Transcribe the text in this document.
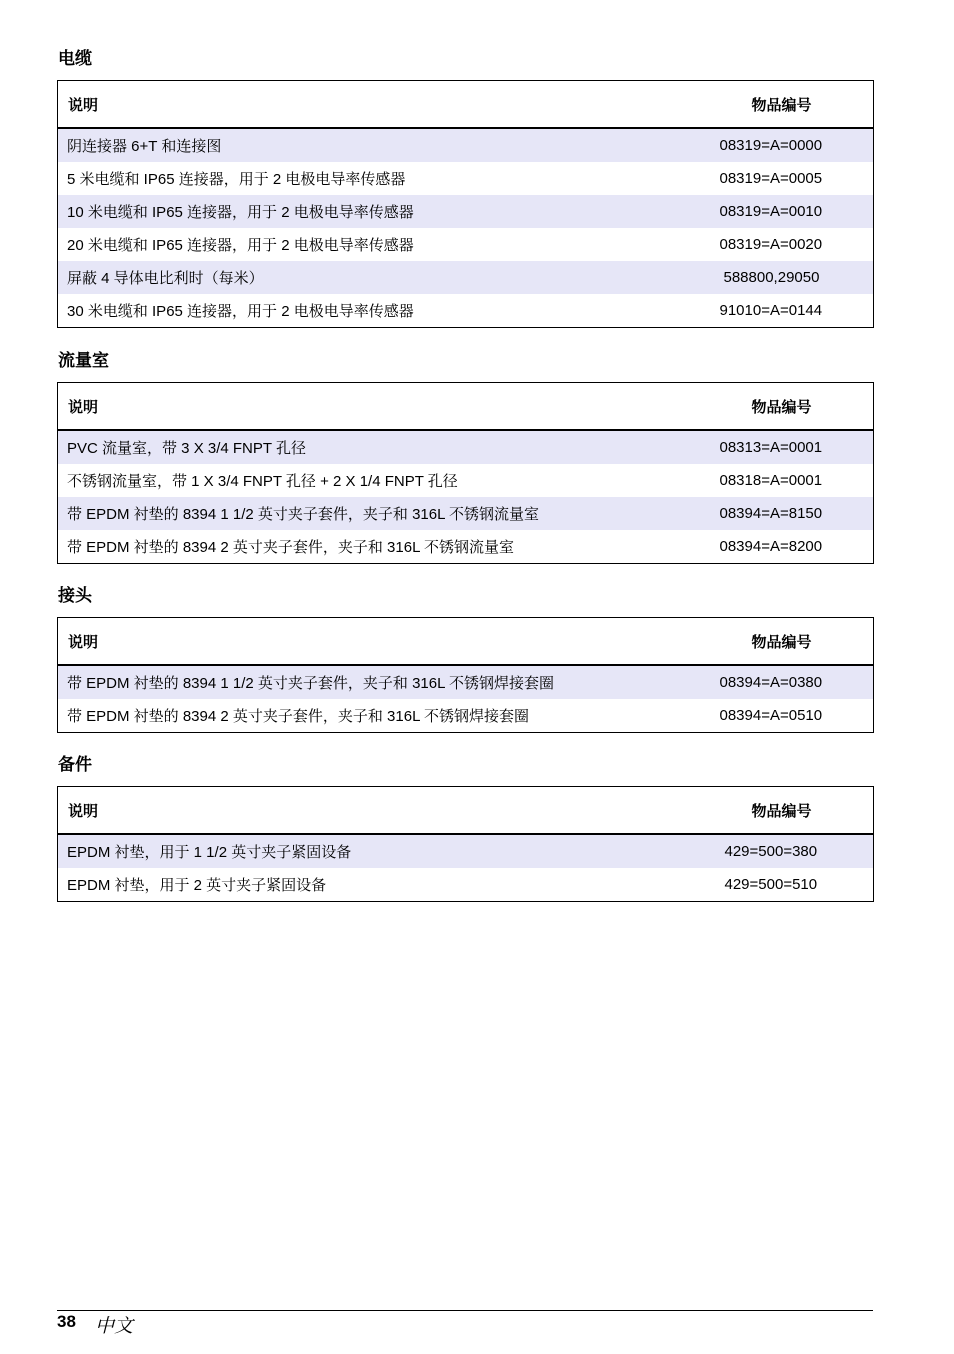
电缆
说明	物品编号
阴连接器 6+T 和连接图	08319=A=0000
5 米电缆和 IP65 连接器，用于 2 电极电导率传感器	08319=A=0005
10 米电缆和 IP65 连接器，用于 2 电极电导率传感器	08319=A=0010
20 米电缆和 IP65 连接器，用于 2 电极电导率传感器	08319=A=0020
屏蔽 4 导体电比利时（每米）	588800,29050
30 米电缆和 IP65 连接器，用于 2 电极电导率传感器	91010=A=0144
流量室
说明	物品编号
PVC 流量室，带 3 X 3/4 FNPT 孔径	08313=A=0001
不锈钢流量室，带 1 X 3/4 FNPT 孔径 + 2 X 1/4 FNPT 孔径	08318=A=0001
带 EPDM 衬垫的 8394 1 1/2 英寸夹子套件，夹子和 316L 不锈钢流量室	08394=A=8150
带 EPDM 衬垫的 8394 2 英寸夹子套件，夹子和 316L 不锈钢流量室	08394=A=8200
接头
说明	物品编号
带 EPDM 衬垫的 8394 1 1/2 英寸夹子套件，夹子和 316L 不锈钢焊接套圈	08394=A=0380
带 EPDM 衬垫的 8394 2 英寸夹子套件，夹子和 316L 不锈钢焊接套圈	08394=A=0510
备件
说明	物品编号
EPDM 衬垫，用于 1 1/2 英寸夹子紧固设备	429=500=380
EPDM 衬垫，用于 2 英寸夹子紧固设备	429=500=510
38 中文
